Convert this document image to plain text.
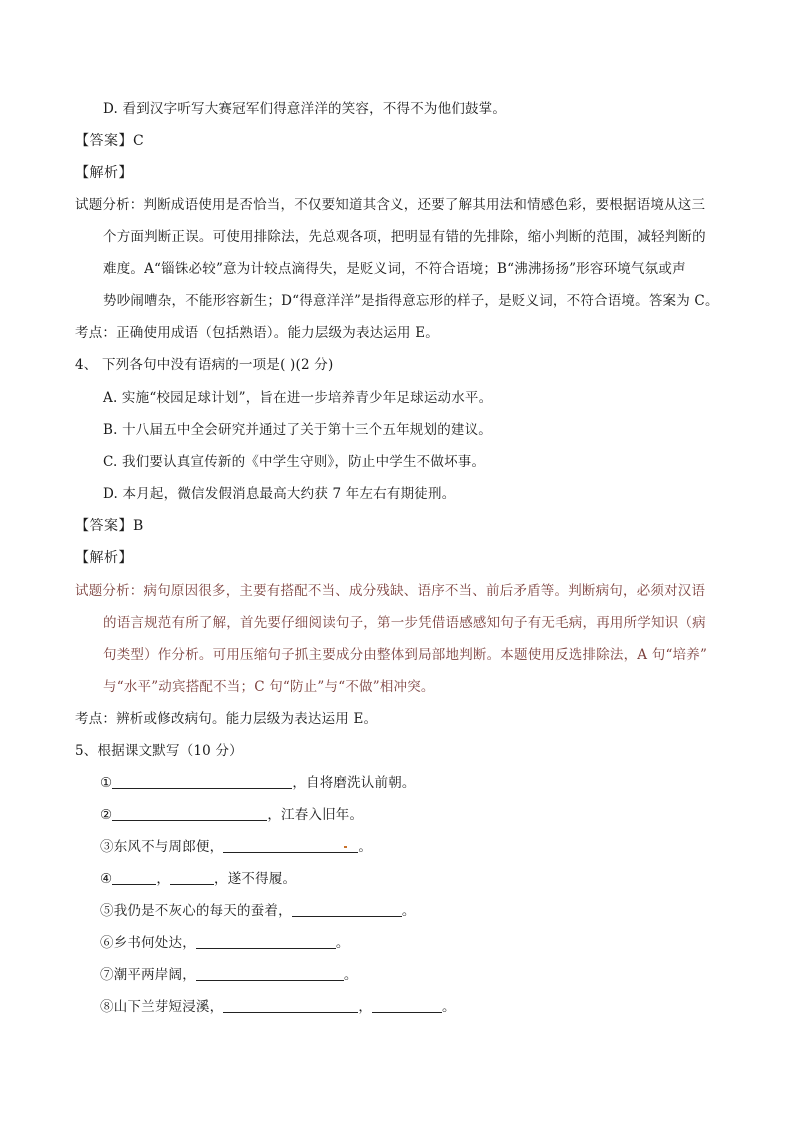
D. 看到汉字听写大赛冠军们得意洋洋的笑容，不得不为他们鼓掌。
【答案】C
【解析】
试题分析：判断成语使用是否恰当，不仅要知道其含义，还要了解其用法和情感色彩，要根据语境从这三
个方面判断正误。可使用排除法，先总观各项，把明显有错的先排除，缩小判断的范围，减轻判断的
难度。A“锱铢必较”意为计较点滴得失，是贬义词，不符合语境；B“沸沸扬扬”形容环境气氛或声
势吵闹嘈杂，不能形容新生；D“得意洋洋”是指得意忘形的样子，是贬义词，不符合语境。答案为 C。
考点：正确使用成语（包括熟语）。能力层级为表达运用 E。
4、 下列各句中没有语病的一项是( )(2 分)
A. 实施“校园足球计划”，旨在进一步培养青少年足球运动水平。
B. 十八届五中全会研究并通过了关于第十三个五年规划的建议。
C. 我们要认真宣传新的《中学生守则》，防止中学生不做坏事。
D. 本月起，微信发假消息最高大约获 7 年左右有期徒刑。
【答案】B
【解析】
试题分析：病句原因很多，主要有搭配不当、成分残缺、语序不当、前后矛盾等。判断病句，必须对汉语
的语言规范有所了解，首先要仔细阅读句子，第一步凭借语感感知句子有无毛病，再用所学知识（病
句类型）作分析。可用压缩句子抓主要成分由整体到局部地判断。本题使用反选排除法，A 句“培养”
与“水平”动宾搭配不当；C 句“防止”与“不做”相冲突。
考点：辨析或修改病句。能力层级为表达运用 E。
5、根据课文默写（10 分）
①	，自将磨洗认前朝。
②	，江春入旧年。
③东风不与周郎便，	。
④	，	，遂不得履。
⑤我仍是不灰心的每天的蚕着，	。
⑥乡书何处达，	。
⑦潮平两岸阔，	。
⑧山下兰芽短浸溪，	，	。
